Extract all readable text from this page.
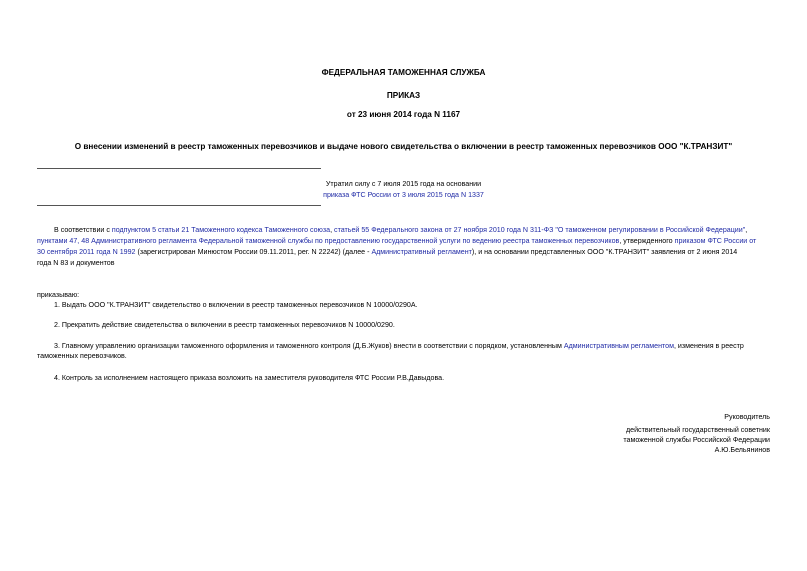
ФЕДЕРАЛЬНАЯ ТАМОЖЕННАЯ СЛУЖБА
ПРИКАЗ
от 23 июня 2014 года N 1167
О внесении изменений в реестр таможенных перевозчиков и выдаче нового свидетельства о включении в реестр таможенных перевозчиков ООО "К.ТРАНЗИТ"
Утратил силу с 7 июля 2015 года на основании
приказа ФТС России от 3 июля 2015 года N 1337
В соответствии с подпунктом 5 статьи 21 Таможенного кодекса Таможенного союза, статьей 55 Федерального закона от 27 ноября 2010 года N 311-ФЗ "О таможенном регулировании в Российской Федерации",
пунктами 47, 48 Административного регламента Федеральной таможенной службы по предоставлению государственной услуги по ведению реестра таможенных перевозчиков, утвержденного приказом ФТС России от
30 сентября 2011 года N 1992 (зарегистрирован Минюстом России 09.11.2011, рег. N 22242) (далее - Административный регламент), и на основании представленных ООО "К.ТРАНЗИТ" заявления от 2 июня 2014
года N 83 и документов
приказываю:
1. Выдать ООО "К.ТРАНЗИТ" свидетельство о включении в реестр таможенных перевозчиков N 10000/0290А.
2. Прекратить действие свидетельства о включении в реестр таможенных перевозчиков N 10000/0290.
3. Главному управлению организации таможенного оформления и таможенного контроля (Д.Б.Жуков) внести в соответствии с порядком, установленным Административным регламентом, изменения в реестр
таможенных перевозчиков.
4. Контроль за исполнением настоящего приказа возложить на заместителя руководителя ФТС России Р.В.Давыдова.
Руководитель
действительный государственный советник
таможенной службы Российской Федерации
А.Ю.Бельянинов
